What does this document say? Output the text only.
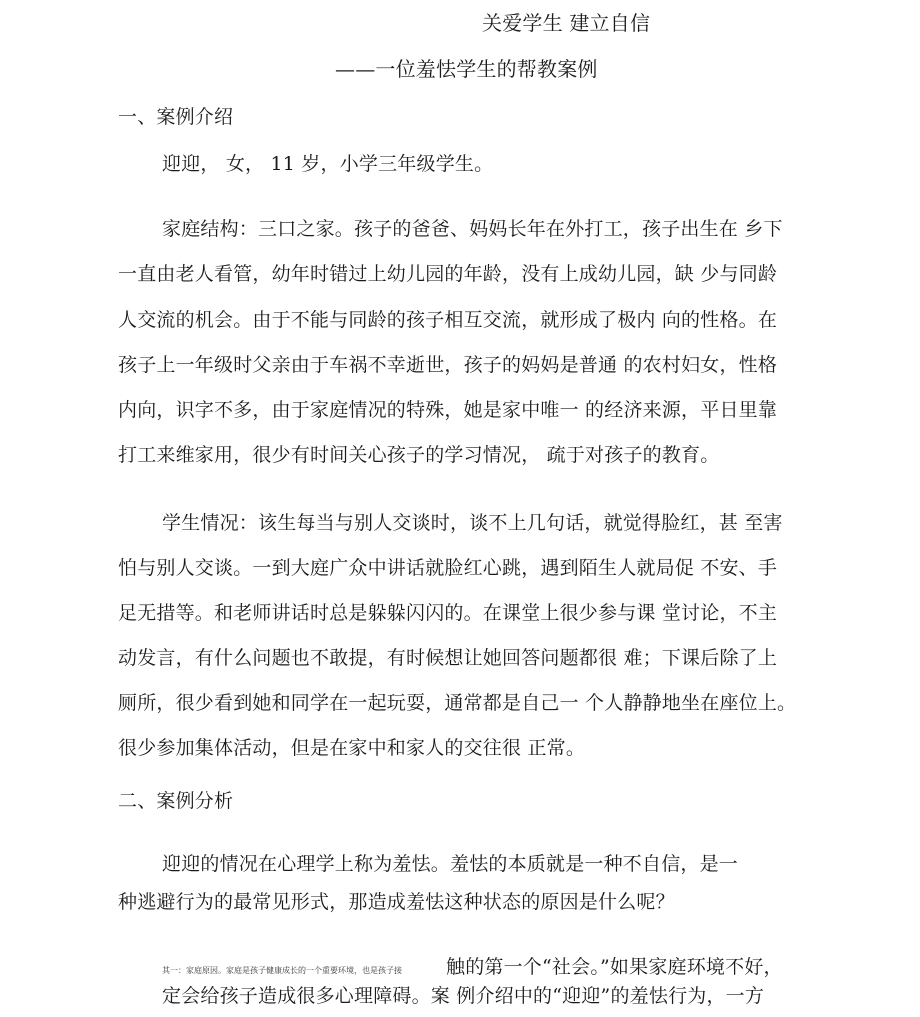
关爱学生 建立自信
——一位羞怯学生的帮教案例
一、案例介绍
迎迎， 女， 11 岁，小学三年级学生。
家庭结构：三口之家。孩子的爸爸、妈妈长年在外打工，孩子出生在 乡下
一直由老人看管，幼年时错过上幼儿园的年龄，没有上成幼儿园，缺 少与同龄
人交流的机会。由于不能与同龄的孩子相互交流，就形成了极内 向的性格。在
孩子上一年级时父亲由于车祸不幸逝世，孩子的妈妈是普通 的农村妇女，性格
内向，识字不多，由于家庭情况的特殊，她是家中唯一 的经济来源，平日里靠
打工来维家用，很少有时间关心孩子的学习情况， 疏于对孩子的教育。
学生情况：该生每当与别人交谈时，谈不上几句话，就觉得脸红，甚 至害
怕与别人交谈。一到大庭广众中讲话就脸红心跳，遇到陌生人就局促 不安、手
足无措等。和老师讲话时总是躲躲闪闪的。在课堂上很少参与课 堂讨论，不主
动发言，有什么问题也不敢提，有时候想让她回答问题都很 难；下课后除了上
厕所，很少看到她和同学在一起玩耍，通常都是自己一 个人静静地坐在座位上。
很少参加集体活动，但是在家中和家人的交往很 正常。
二、案例分析
迎迎的情况在心理学上称为羞怯。羞怯的本质就是一种不自信，是一
种逃避行为的最常见形式，那造成羞怯这种状态的原因是什么呢？
其一：家庭原因。家庭是孩子健康成长的一个重要环境，也是孩子接 触的第一个“社会。”如果家庭环境不好，
定会给孩子造成很多心理障碍。案 例介绍中的“迎迎”的羞怯行为，一方
